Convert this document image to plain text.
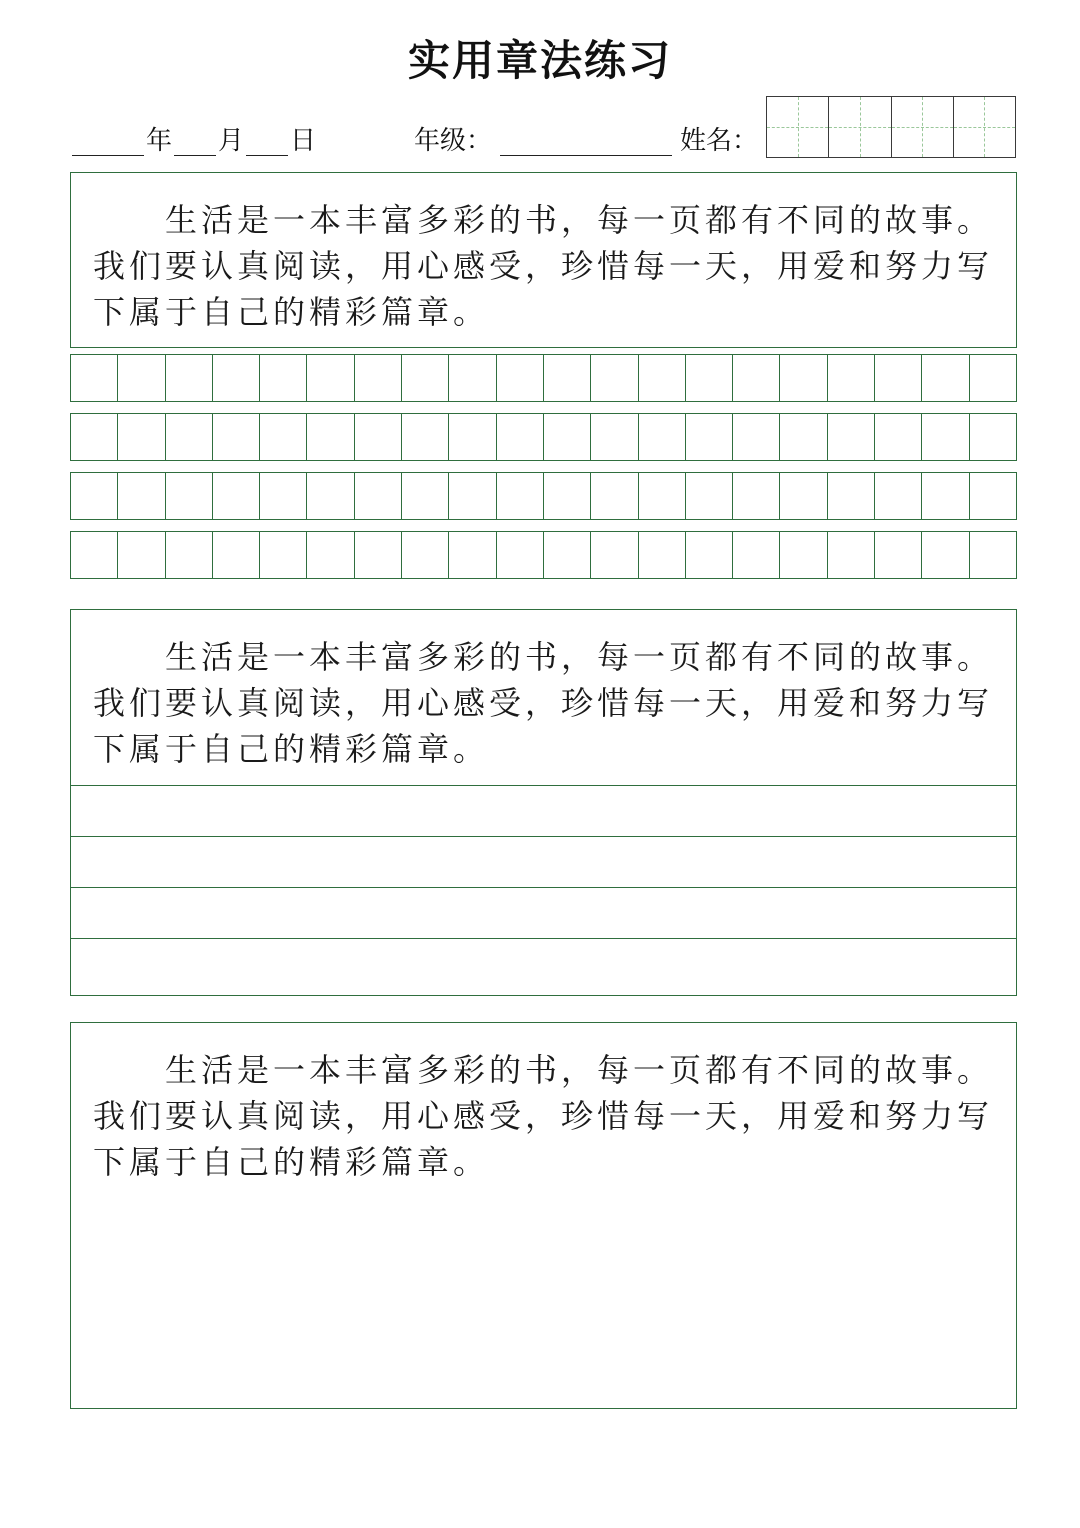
实用章法练习
年 月 日	年级：	姓名：
生活是一本丰富多彩的书，每一页都有不同的故事。我们要认真阅读，用心感受，珍惜每一天，用爱和努力写下属于自己的精彩篇章。
生活是一本丰富多彩的书，每一页都有不同的故事。我们要认真阅读，用心感受，珍惜每一天，用爱和努力写下属于自己的精彩篇章。
生活是一本丰富多彩的书，每一页都有不同的故事。我们要认真阅读，用心感受，珍惜每一天，用爱和努力写下属于自己的精彩篇章。
